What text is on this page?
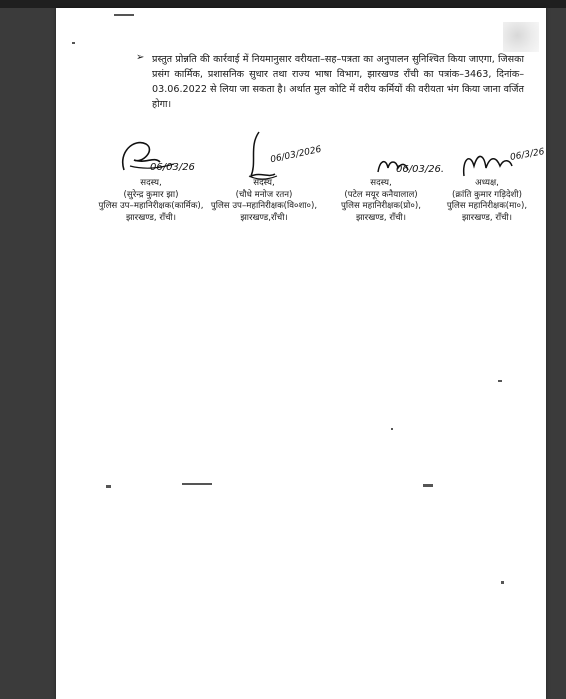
➢ प्रस्तुत प्रोन्नति की कार्रवाई में नियमानुसार वरीयता–सह–पत्रता का अनुपालन सुनिश्चित किया जाएगा, जिसका प्रसंग कार्मिक, प्रशासनिक सुधार तथा राज्य भाषा विभाग, झारखण्ड राँची का पत्रांक–3463, दिनांक–03.06.2022 से लिया जा सकता है। अर्थात मुल कोटि में वरीय कर्मियों की वरीयता भंग किया जाना वर्जित होगा।

06/03/26
सदस्य,
(सुरेन्द्र कुमार झा)
पुलिस उप–महानिरीक्षक(कार्मिक),
झारखण्ड, राँची।
06/03/2026
सदस्य,
(चौधे मनोज रतन)
पुलिस उप–महानिरीक्षक(वि०शा०),
झारखण्ड,राँची।
06/03/26.
सदस्य,
(पटेल मयूर कनैयालाल)
पुलिस महानिरीक्षक(प्रो०),
झारखण्ड, राँची।
06/3/26
अध्यक्ष,
(क्रांति कुमार गड़िदेशी)
पुलिस महानिरीक्षक(मा०),
झारखण्ड, राँची।
